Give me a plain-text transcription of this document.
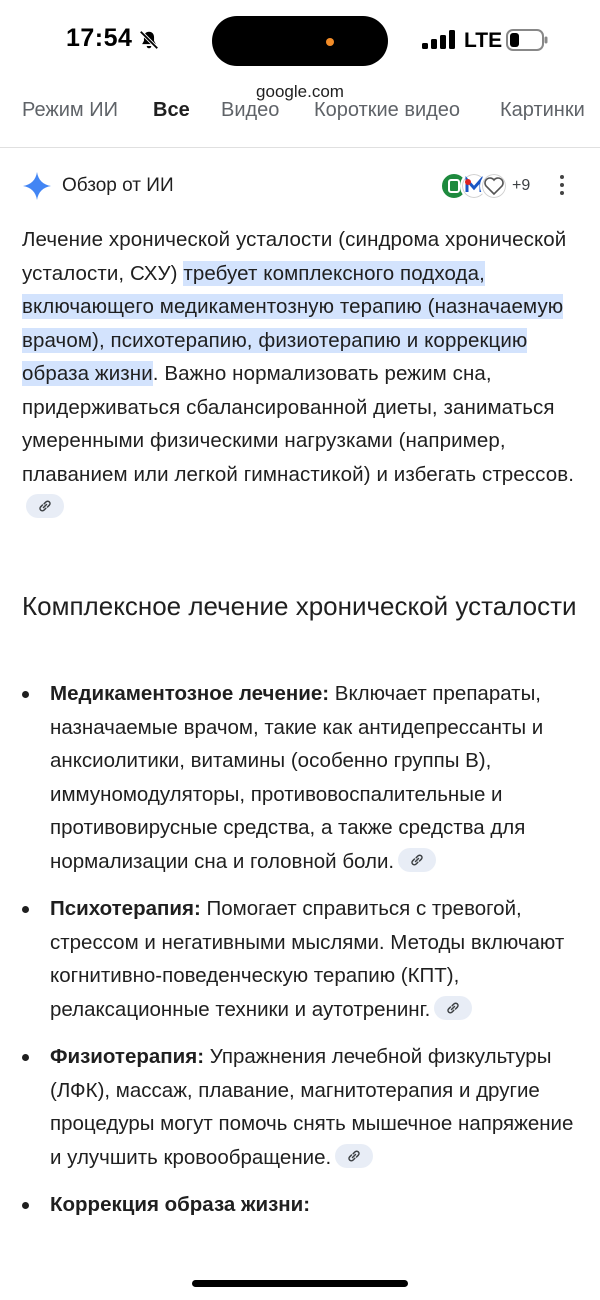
17:54	LTE
google.com
Режим ИИ Все Видео Короткие видео Картинки
Обзор от ИИ	+9
Лечение хронической усталости (синдрома хронической усталости, СХУ) требует комплексного подхода, включающего медикаментозную терапию (назначаемую врачом), психотерапию, физиотерапию и коррекцию образа жизни. Важно нормализовать режим сна, придерживаться сбалансированной диеты, заниматься умеренными физическими нагрузками (например, плаванием или легкой гимнастикой) и избегать стрессов.
Комплексное лечение хронической усталости
Медикаментозное лечение: Включает препараты, назначаемые врачом, такие как антидепрессанты и анксиолитики, витамины (особенно группы B), иммуномодуляторы, противовоспалительные и противовирусные средства, а также средства для нормализации сна и головной боли.
Психотерапия: Помогает справиться с тревогой, стрессом и негативными мыслями. Методы включают когнитивно-поведенческую терапию (КПТ), релаксационные техники и аутотренинг.
Физиотерапия: Упражнения лечебной физкультуры (ЛФК), массаж, плавание, магнитотерапия и другие процедуры могут помочь снять мышечное напряжение и улучшить кровообращение.
Коррекция образа жизни:
